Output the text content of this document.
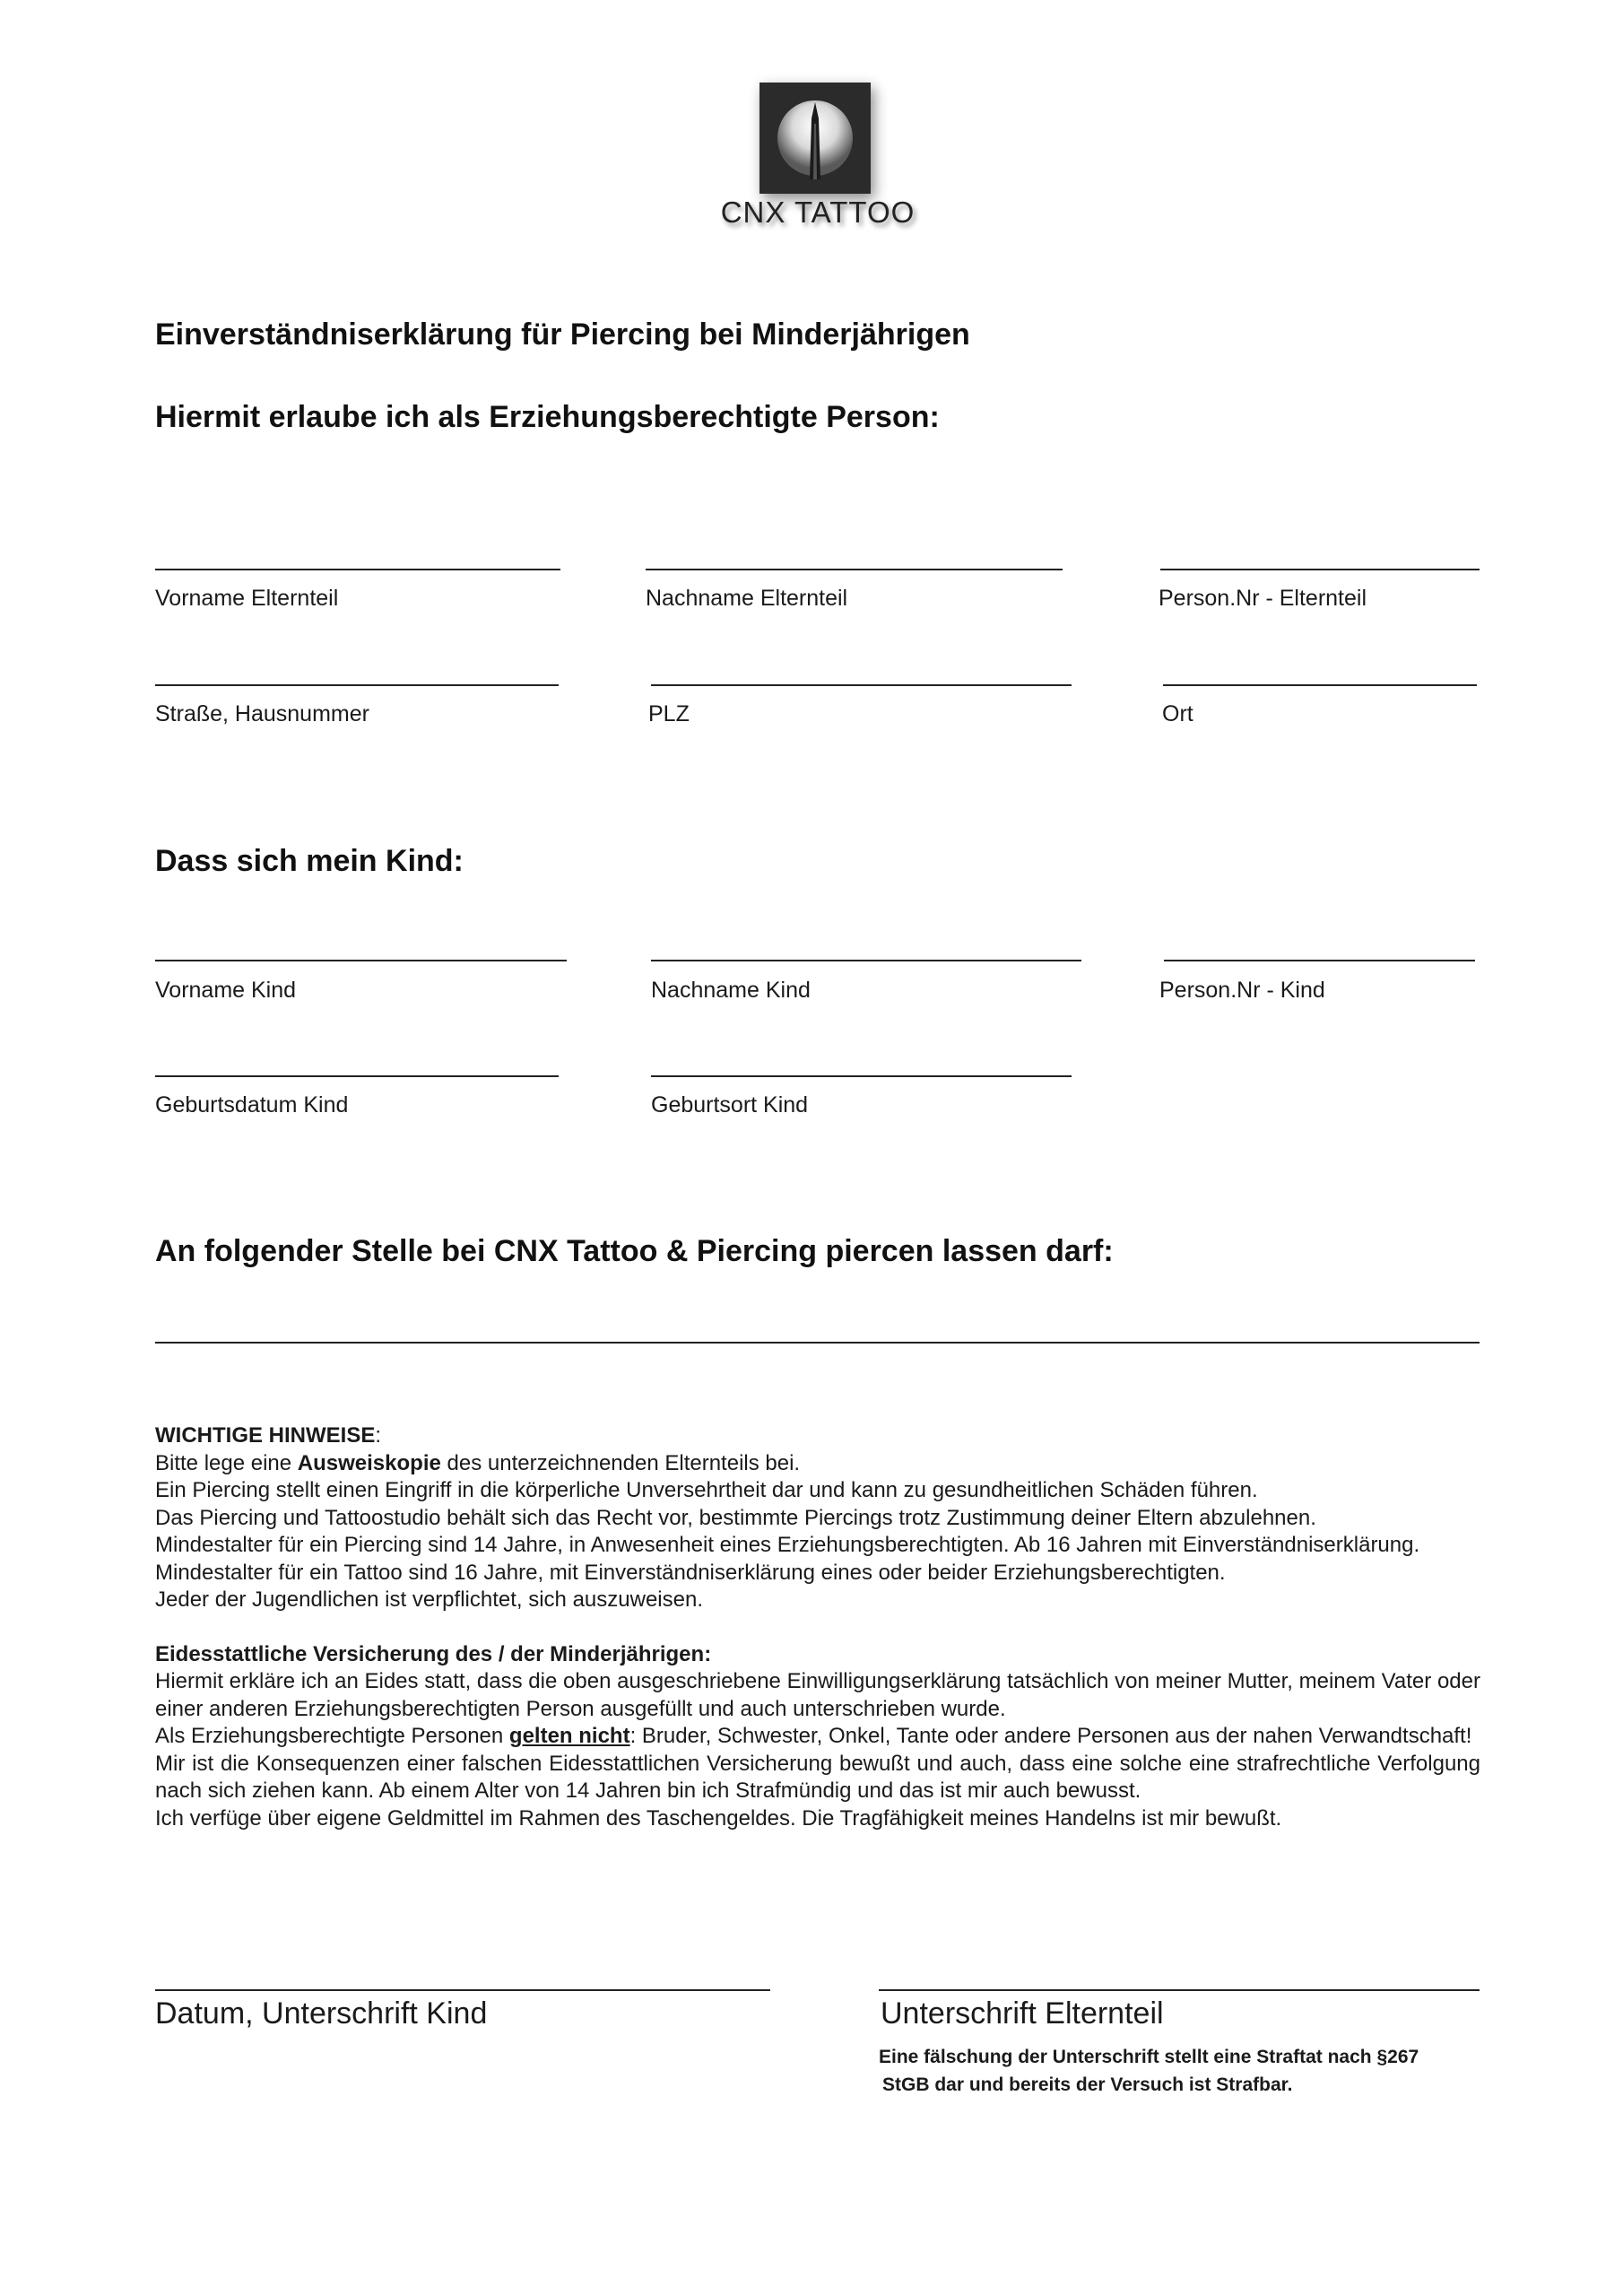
CNX TATTOO
Einverständniserklärung für Piercing bei Minderjährigen
Hiermit erlaube ich als Erziehungsberechtigte Person:
Vorname Elternteil	Nachname Elternteil	Person.Nr - Elternteil
Straße, Hausnummer	PLZ	Ort
Dass sich mein Kind:
Vorname Kind	Nachname Kind	Person.Nr - Kind
Geburtsdatum Kind	Geburtsort Kind
An folgender Stelle bei CNX Tattoo & Piercing piercen lassen darf:

WICHTIGE HINWEISE:

Bitte lege eine Ausweiskopie des unterzeichnenden Elternteils bei.

Ein Piercing stellt einen Eingriff in die körperliche Unversehrtheit dar und kann zu gesundheitlichen Schäden führen.

Das Piercing und Tattoostudio behält sich das Recht vor, bestimmte Piercings trotz Zustimmung deiner Eltern abzulehnen.

Mindestalter für ein Piercing sind 14 Jahre, in Anwesenheit eines Erziehungsberechtigten. Ab 16 Jahren mit Einverständniserklärung.

Mindestalter für ein Tattoo sind 16 Jahre, mit Einverständniserklärung eines oder beider Erziehungsberechtigten.

Jeder der Jugendlichen ist verpflichtet, sich auszuweisen.

Eidesstattliche Versicherung des / der Minderjährigen:

Hiermit erkläre ich an Eides statt, dass die oben ausgeschriebene Einwilligungserklärung tatsächlich von meiner Mutter, meinem Vater oder einer anderen Erziehungsberechtigten Person ausgefüllt und auch unterschrieben wurde.

Als Erziehungsberechtigte Personen gelten nicht: Bruder, Schwester, Onkel, Tante oder andere Personen aus der nahen Verwandtschaft!

Mir ist die Konsequenzen einer falschen Eidesstattlichen Versicherung bewußt und auch, dass eine solche eine strafrechtliche Verfolgung nach sich ziehen kann. Ab einem Alter von 14 Jahren bin ich Strafmündig und das ist mir auch bewusst.

Ich verfüge über eigene Geldmittel im Rahmen des Taschengeldes. Die Tragfähigkeit meines Handelns ist mir bewußt.

Datum, Unterschrift Kind	Unterschrift Elternteil

Eine fälschung der Unterschrift stellt eine Straftat nach §267

StGB dar und bereits der Versuch ist Strafbar.
